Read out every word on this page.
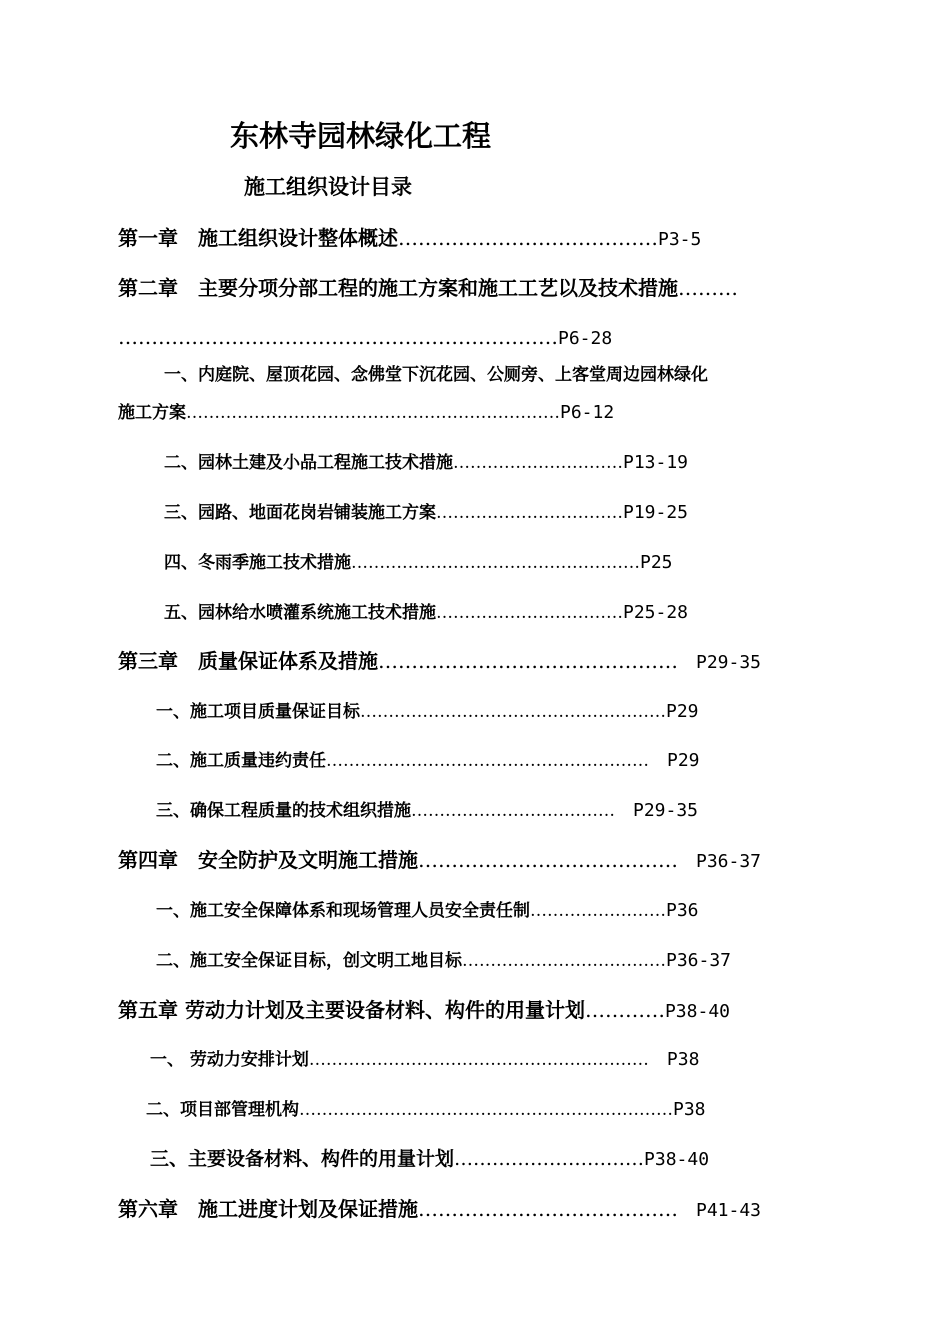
东林寺园林绿化工程
施工组织设计目录
第一章　施工组织设计整体概述…………………………………P3-5
第二章　主要分项分部工程的施工方案和施工工艺以及技术措施………
…………………………………………………………P6-28
一、内庭院、屋顶花园、念佛堂下沉花园、公厕旁、上客堂周边园林绿化
施工方案…………………………………………………………P6-12
二、园林土建及小品工程施工技术措施…………………………P13-19
三、园路、地面花岗岩铺装施工方案……………………………P19-25
四、冬雨季施工技术措施……………………………………………P25
五、园林给水喷灌系统施工技术措施……………………………P25-28
第三章　质量保证体系及措施………………………………………　P29-35
一、施工项目质量保证目标………………………………………………P29
二、施工质量违约责任…………………………………………………　P29
三、确保工程质量的技术组织措施………………………………　P29-35
第四章　安全防护及文明施工措施…………………………………　P36-37
一、施工安全保障体系和现场管理人员安全责任制……………………P36
二、施工安全保证目标，创文明工地目标………………………………P36-37
第五章 劳动力计划及主要设备材料、构件的用量计划…………P38-40
一、 劳动力安排计划……………………………………………………　P38
二、项目部管理机构…………………………………………………………P38
三、主要设备材料、构件的用量计划…………………………P38-40
第六章　施工进度计划及保证措施…………………………………　P41-43
